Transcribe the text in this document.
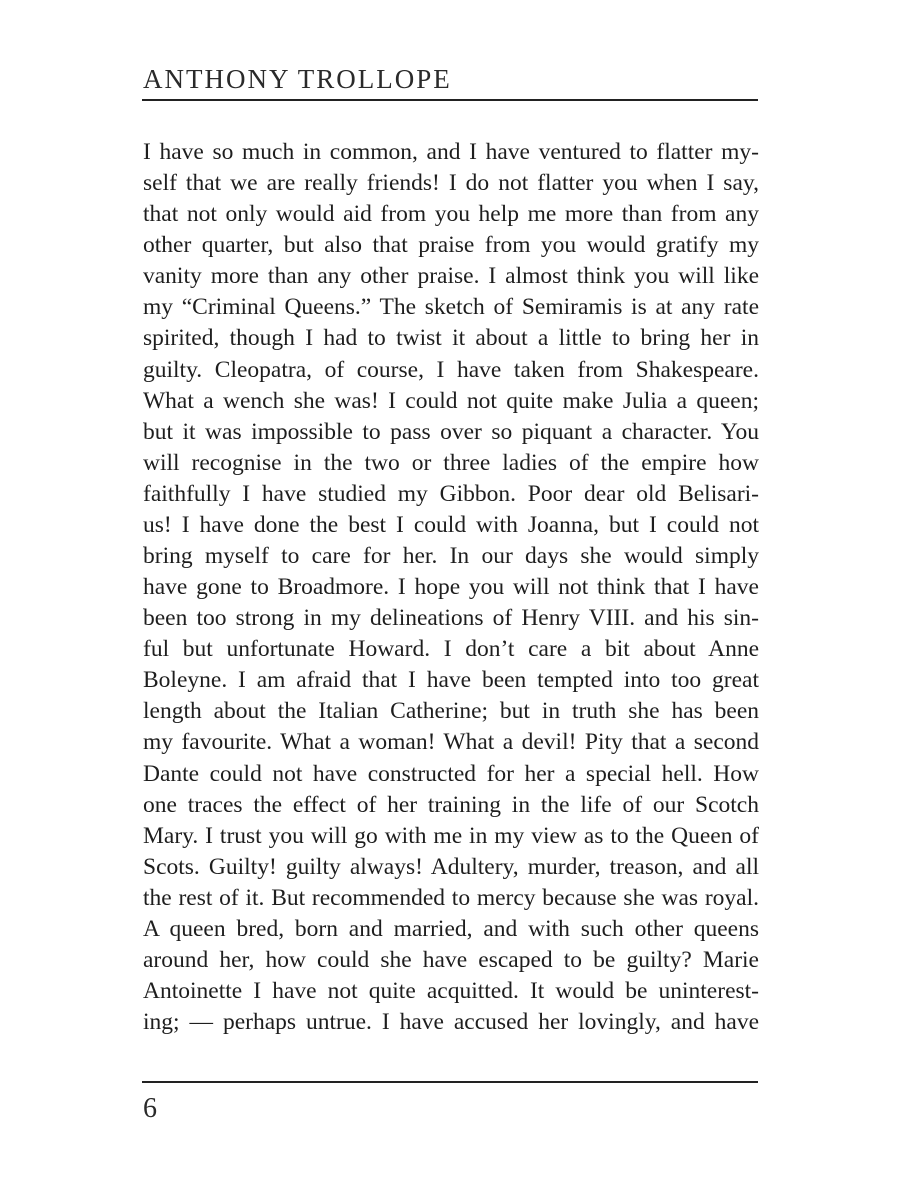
ANTHONY TROLLOPE
I have so much in common, and I have ventured to flatter my-
self that we are really friends! I do not flatter you when I say,
that not only would aid from you help me more than from any
other quarter, but also that praise from you would gratify my
vanity more than any other praise. I almost think you will like
my “Criminal Queens.” The sketch of Semiramis is at any rate
spirited, though I had to twist it about a little to bring her in
guilty. Cleopatra, of course, I have taken from Shakespeare.
What a wench she was! I could not quite make Julia a queen;
but it was impossible to pass over so piquant a character. You
will recognise in the two or three ladies of the empire how
faithfully I have studied my Gibbon. Poor dear old Belisari-
us! I have done the best I could with Joanna, but I could not
bring myself to care for her. In our days she would simply
have gone to Broadmore. I hope you will not think that I have
been too strong in my delineations of Henry VIII. and his sin-
ful but unfortunate Howard. I don’t care a bit about Anne
Boleyne. I am afraid that I have been tempted into too great
length about the Italian Catherine; but in truth she has been
my favourite. What a woman! What a devil! Pity that a second
Dante could not have constructed for her a special hell. How
one traces the effect of her training in the life of our Scotch
Mary. I trust you will go with me in my view as to the Queen of
Scots. Guilty! guilty always! Adultery, murder, treason, and all
the rest of it. But recommended to mercy because she was royal.
A queen bred, born and married, and with such other queens
around her, how could she have escaped to be guilty? Marie
Antoinette I have not quite acquitted. It would be uninterest-
ing; — perhaps untrue. I have accused her lovingly, and have
6
